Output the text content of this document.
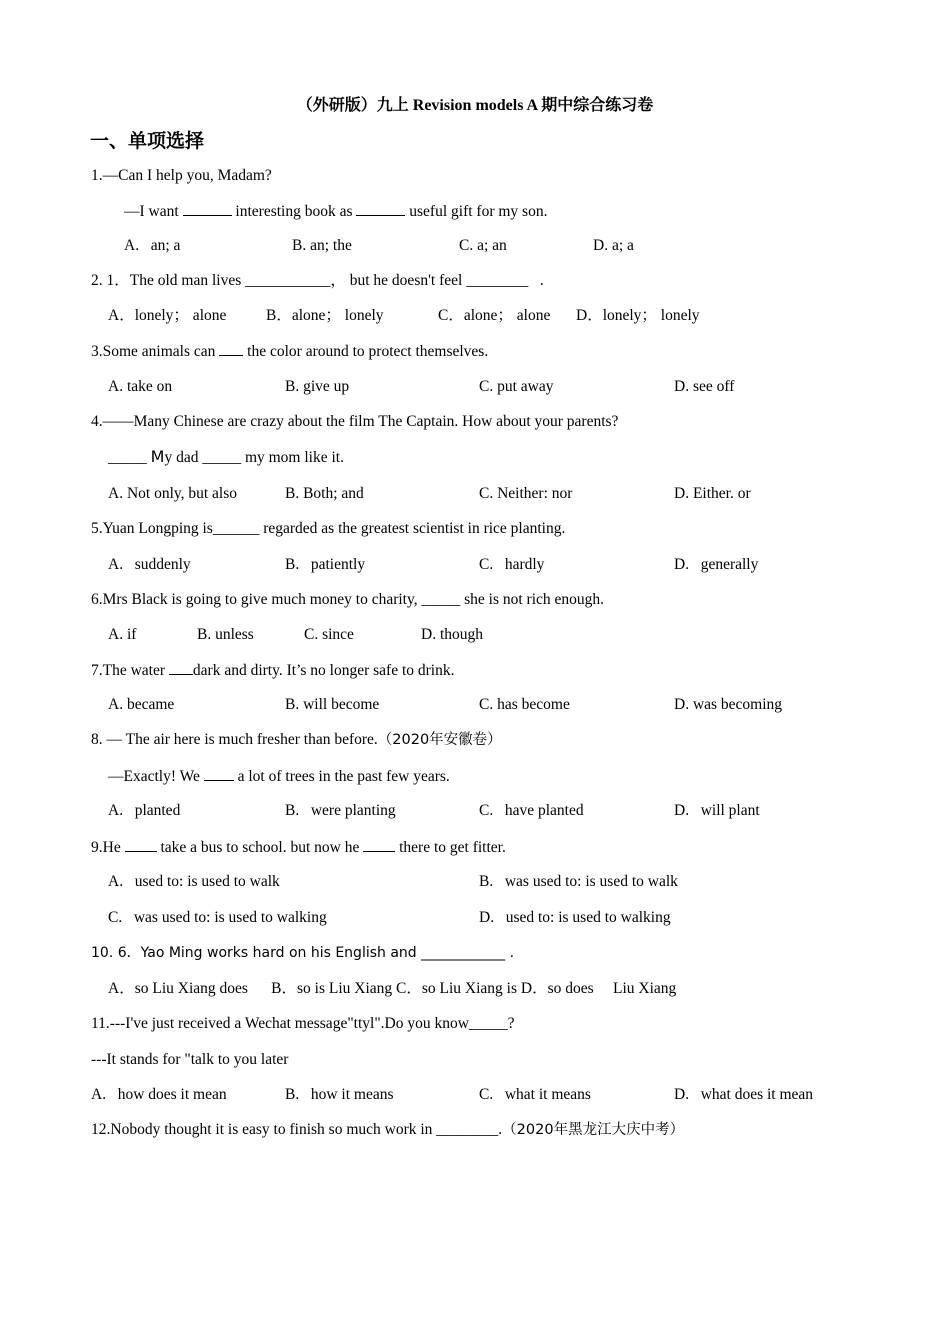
（外研版）九上 Revision models A 期中综合练习卷
一、单项选择
1.—Can I help you, Madam?
—I want	interesting book as	useful gift for my son.
A.   an; a	B. an; the	C. a; an	D. a; a
2. 1．The old man lives ___________， but he doesn't feel ________   .
A．lonely； alone	B．alone； lonely	C．alone； alone D．lonely； lonely
3.Some animals can  the color around to protect themselves.
A. take on	B. give up	C. put away	D. see off
4.——Many Chinese are crazy about the film The Captain. How about your parents?
_____ My dad _____ my mom like it.
A. Not only, but also	B. Both; and	C. Neither: nor	D. Either. or
5.Yuan Longping is______ regarded as the greatest scientist in rice planting.
A.   suddenly	B.   patiently	C.   hardly	D.   generally
6.Mrs Black is going to give much money to charity, _____ she is not rich enough.
A. if	B. unless	C. since	D. though
7.The water dark and dirty. It’s no longer safe to drink.
A. became	B. will become	C. has become	D. was becoming
8. — The air here is much fresher than before.（2020年安徽卷）
—Exactly! We  a lot of trees in the past few years.
A.   planted	B.   were planting	C.   have planted	D.   will plant
9.He  take a bus to school. but now he  there to get fitter.
A.   used to: is used to walk	B.   was used to: is used to walk
C.   was used to: is used to walking	D.   used to: is used to walking
10. 6．Yao Ming works hard on his English and ____________ .
A．so Liu Xiang does      B．so is Liu Xiang C．so Liu Xiang is D．so does     Liu Xiang
11.---I've just received a Wechat message"ttyl".Do you know_____?
---It stands for "talk to you later
A.   how does it mean	B.   how it means	C.   what it means	D.   what does it mean
12.Nobody thought it is easy to finish so much work in ________.（2020年黑龙江大庆中考）
